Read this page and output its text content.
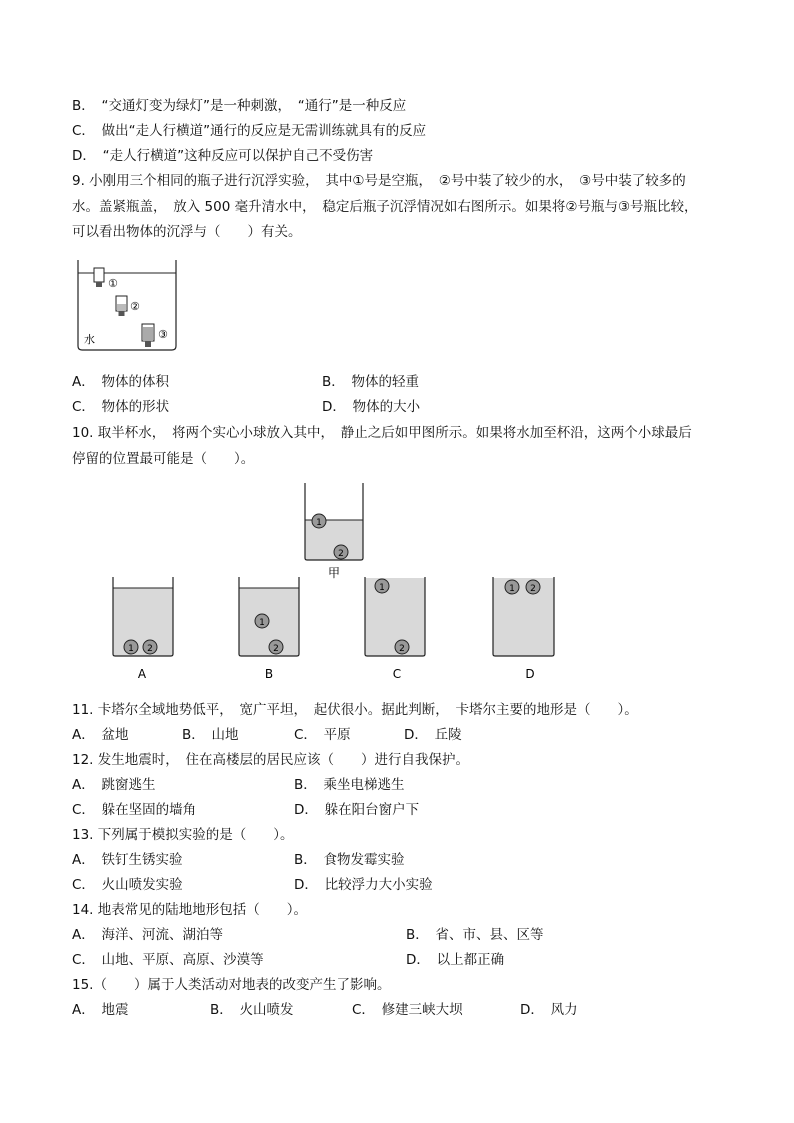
B．　“交通灯变为绿灯”是一种刺激，　“通行”是一种反应
C．　做出“走人行横道”通行的反应是无需训练就具有的反应
D．　“走人行横道”这种反应可以保护自己不受伤害
9. 小刚用三个相同的瓶子进行沉浮实验，　其中①号是空瓶，　②号中装了较少的水，　③号中装了较多的
水。盖紧瓶盖，　放入 500 毫升清水中，　稳定后瓶子沉浮情况如右图所示。如果将②号瓶与③号瓶比较，
可以看出物体的沉浮与（　　）有关。
①
②
③
水
A．　物体的体积	B．　物体的轻重
C．　物体的形状	D．　物体的大小
10. 取半杯水，　将两个实心小球放入其中，　静止之后如甲图所示。如果将水加至杯沿，这两个小球最后
停留的位置最可能是（　　）。
1
2
甲
1 2
A
1
2
B
1
2
C
1 2
D
11. 卡塔尔全域地势低平，　宽广平坦，　起伏很小。据此判断，　卡塔尔主要的地形是（　　）。
A．　盆地	B．　山地	C．　平原	D．　丘陵
12. 发生地震时，　住在高楼层的居民应该（　　）进行自我保护。
A．　跳窗逃生	B．　乘坐电梯逃生
C．　躲在坚固的墙角	D．　躲在阳台窗户下
13. 下列属于模拟实验的是（　　）。
A．　铁钉生锈实验	B．　食物发霉实验
C．　火山喷发实验	D．　比较浮力大小实验
14. 地表常见的陆地地形包括（　　）。
A．　海洋、河流、湖泊等	B．　省、市、县、区等
C．　山地、平原、高原、沙漠等	D．　以上都正确
15.（　　）属于人类活动对地表的改变产生了影响。
A．　地震	B．　火山喷发	C．　修建三峡大坝	D．　风力
